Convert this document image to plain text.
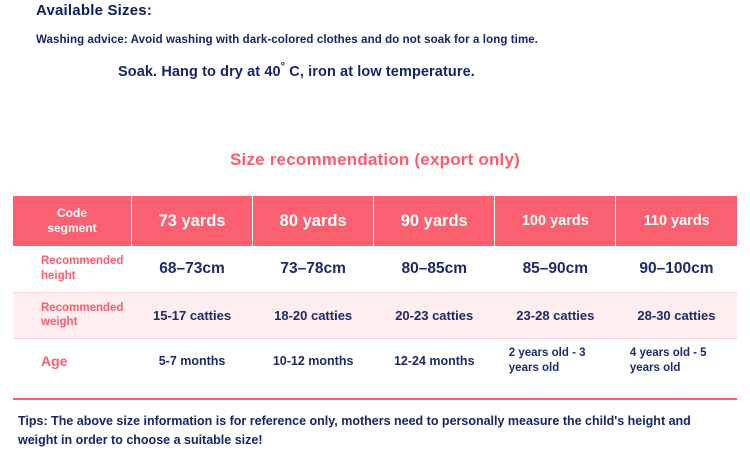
Available Sizes:
Washing advice: Avoid washing with dark-colored clothes and do not soak for a long time.
Soak. Hang to dry at 40° C, iron at low temperature.
Size recommendation (export only)
Code
segment	73 yards	80 yards	90 yards	100 yards	110 yards
Recommended
height	68–73cm	73–78cm	80–85cm	85–90cm	90–100cm
Recommended
weight	15-17 catties	18-20 catties	20-23 catties	23-28 catties	28-30 catties
Age	5-7 months	10-12 months	12-24 months	2 years old - 3 years old	4 years old - 5 years old
Tips: The above size information is for reference only, mothers need to personally measure the child's height and weight in order to choose a suitable size!
